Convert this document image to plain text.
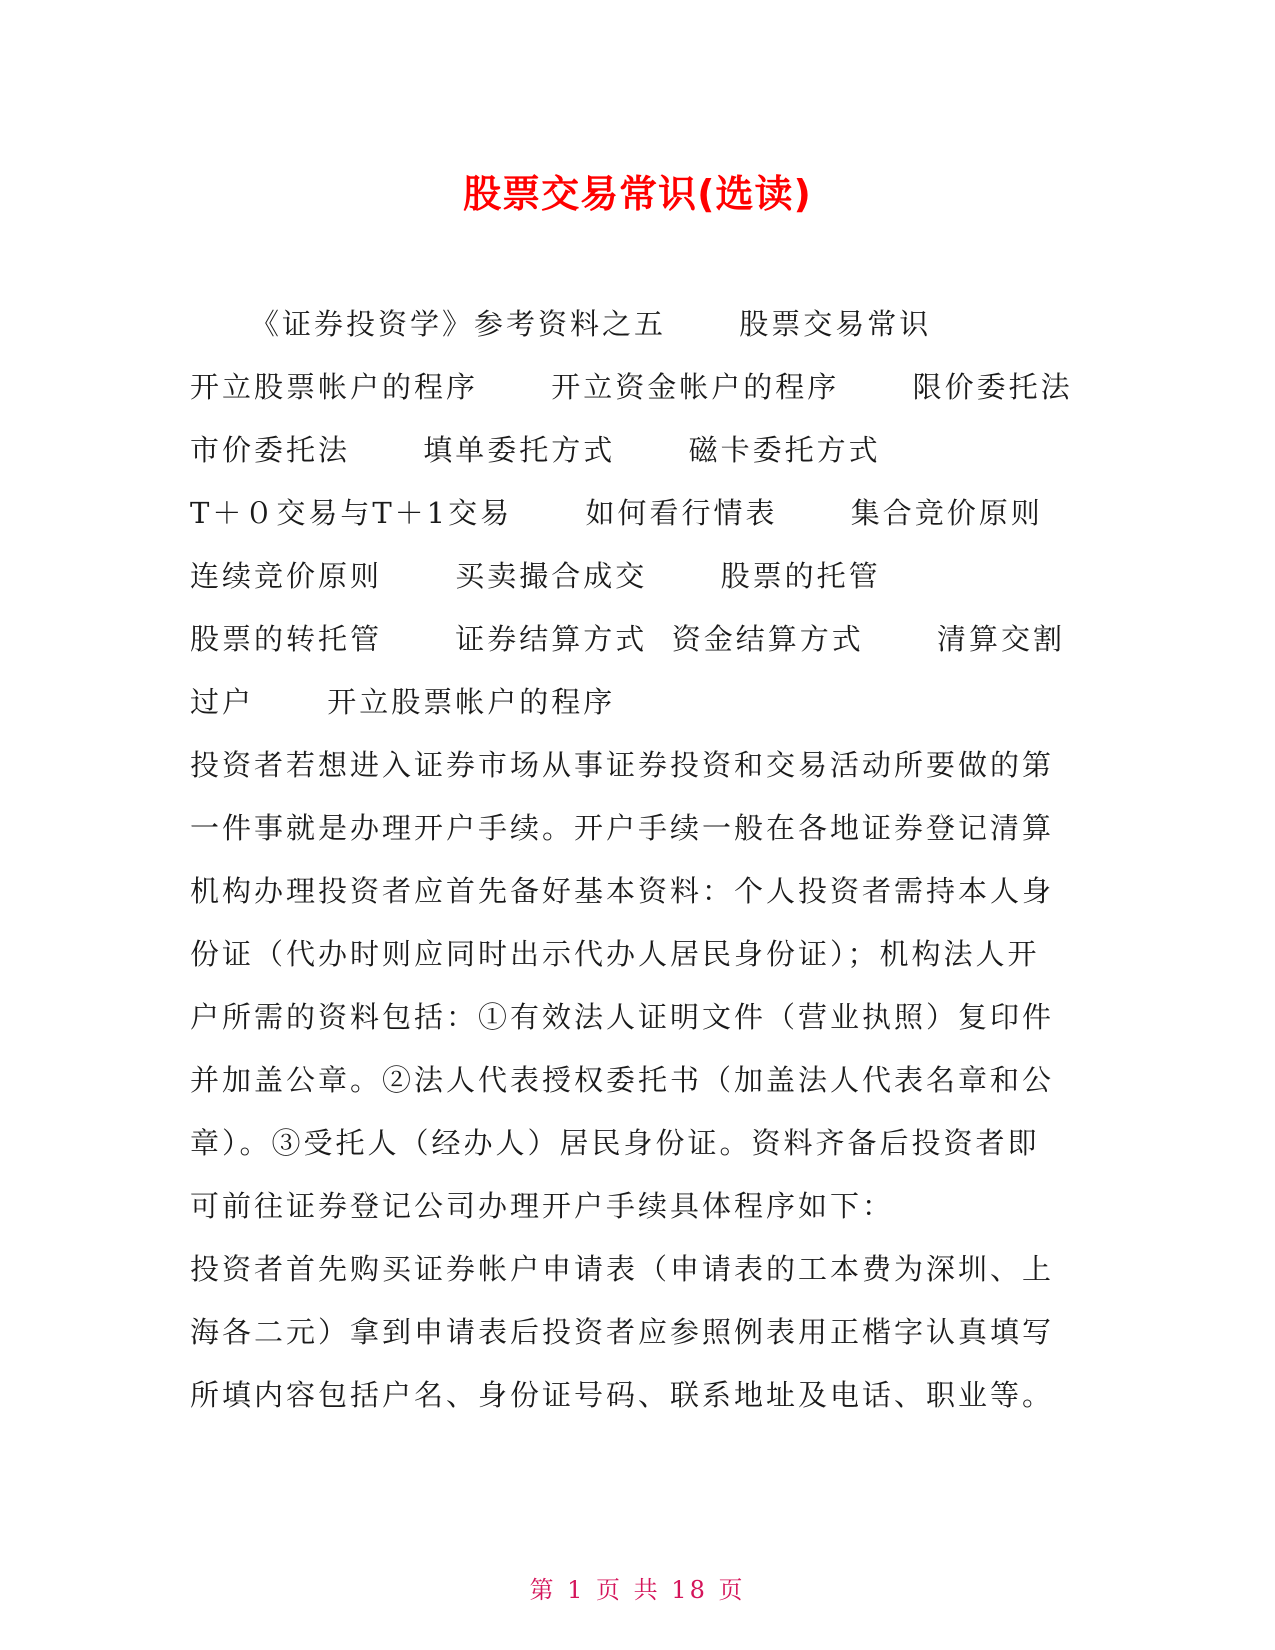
股票交易常识(选读)
《证券投资学》参考资料之五      股票交易常识
开立股票帐户的程序      开立资金帐户的程序      限价委托法
市价委托法      填单委托方式      磁卡委托方式
T＋０交易与T＋1交易      如何看行情表      集合竞价原则
连续竞价原则      买卖撮合成交      股票的托管
股票的转托管      证券结算方式  资金结算方式      清算交割
过户      开立股票帐户的程序
投资者若想进入证券市场从事证券投资和交易活动所要做的第
一件事就是办理开户手续。开户手续一般在各地证券登记清算
机构办理投资者应首先备好基本资料：个人投资者需持本人身
份证（代办时则应同时出示代办人居民身份证）；机构法人开
户所需的资料包括：①有效法人证明文件（营业执照）复印件
并加盖公章。②法人代表授权委托书（加盖法人代表名章和公
章）。③受托人（经办人）居民身份证。资料齐备后投资者即
可前往证券登记公司办理开户手续具体程序如下：
投资者首先购买证券帐户申请表（申请表的工本费为深圳、上
海各二元）拿到申请表后投资者应参照例表用正楷字认真填写
所填内容包括户名、身份证号码、联系地址及电话、职业等。
第 1 页 共 18 页
